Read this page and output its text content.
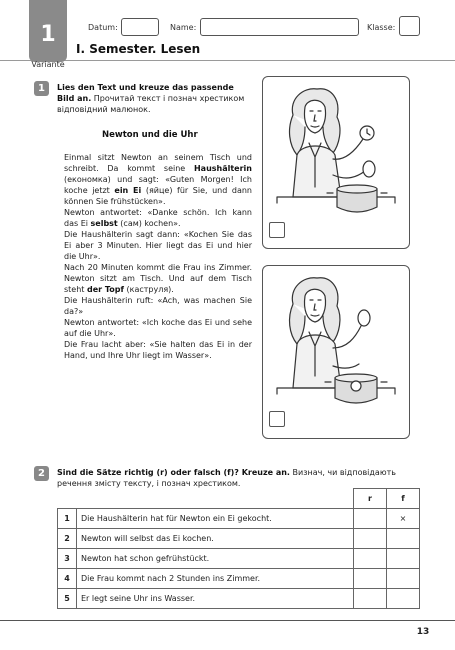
1
Variante
Datum:	Name:	Klasse:
I. Semester. Lesen
1	Lies den Text und kreuze das passende Bild an. Прочитай текст і познач хрестиком відповідний малюнок.
Newton und die Uhr

Einmal sitzt Newton an seinem Tisch und schreibt. Da kommt seine Haushälterin (економка) und sagt: «Guten Morgen! Ich koche jetzt ein Ei (яйце) für Sie, und dann können Sie frühstücken».

Newton antwortet: «Danke schön. Ich kann das Ei selbst (сам) kochen».

Die Haushälterin sagt dann: «Kochen Sie das Ei aber 3 Minuten. Hier liegt das Ei und hier die Uhr».

Nach 20 Minuten kommt die Frau ins Zimmer. Newton sitzt am Tisch. Und auf dem Tisch steht der Topf (каструля).

Die Haushälterin ruft: «Ach, was machen Sie da?»

Newton antwortet: «Ich koche das Ei und sehe auf die Uhr».

Die Frau lacht aber: «Sie halten das Ei in der Hand, und Ihre Uhr liegt im Wasser».

2	Sind die Sätze richtig (r) oder falsch (f)? Kreuze an. Визнач, чи відповідають речення змісту тексту, і познач хрестиком.
		r	f
1	Die Haushälterin hat für Newton ein Ei gekocht.		×
2	Newton will selbst das Ei kochen.		
3	Newton hat schon gefrühstückt.		
4	Die Frau kommt nach 2 Stunden ins Zimmer.		
5	Er legt seine Uhr ins Wasser.		
13
